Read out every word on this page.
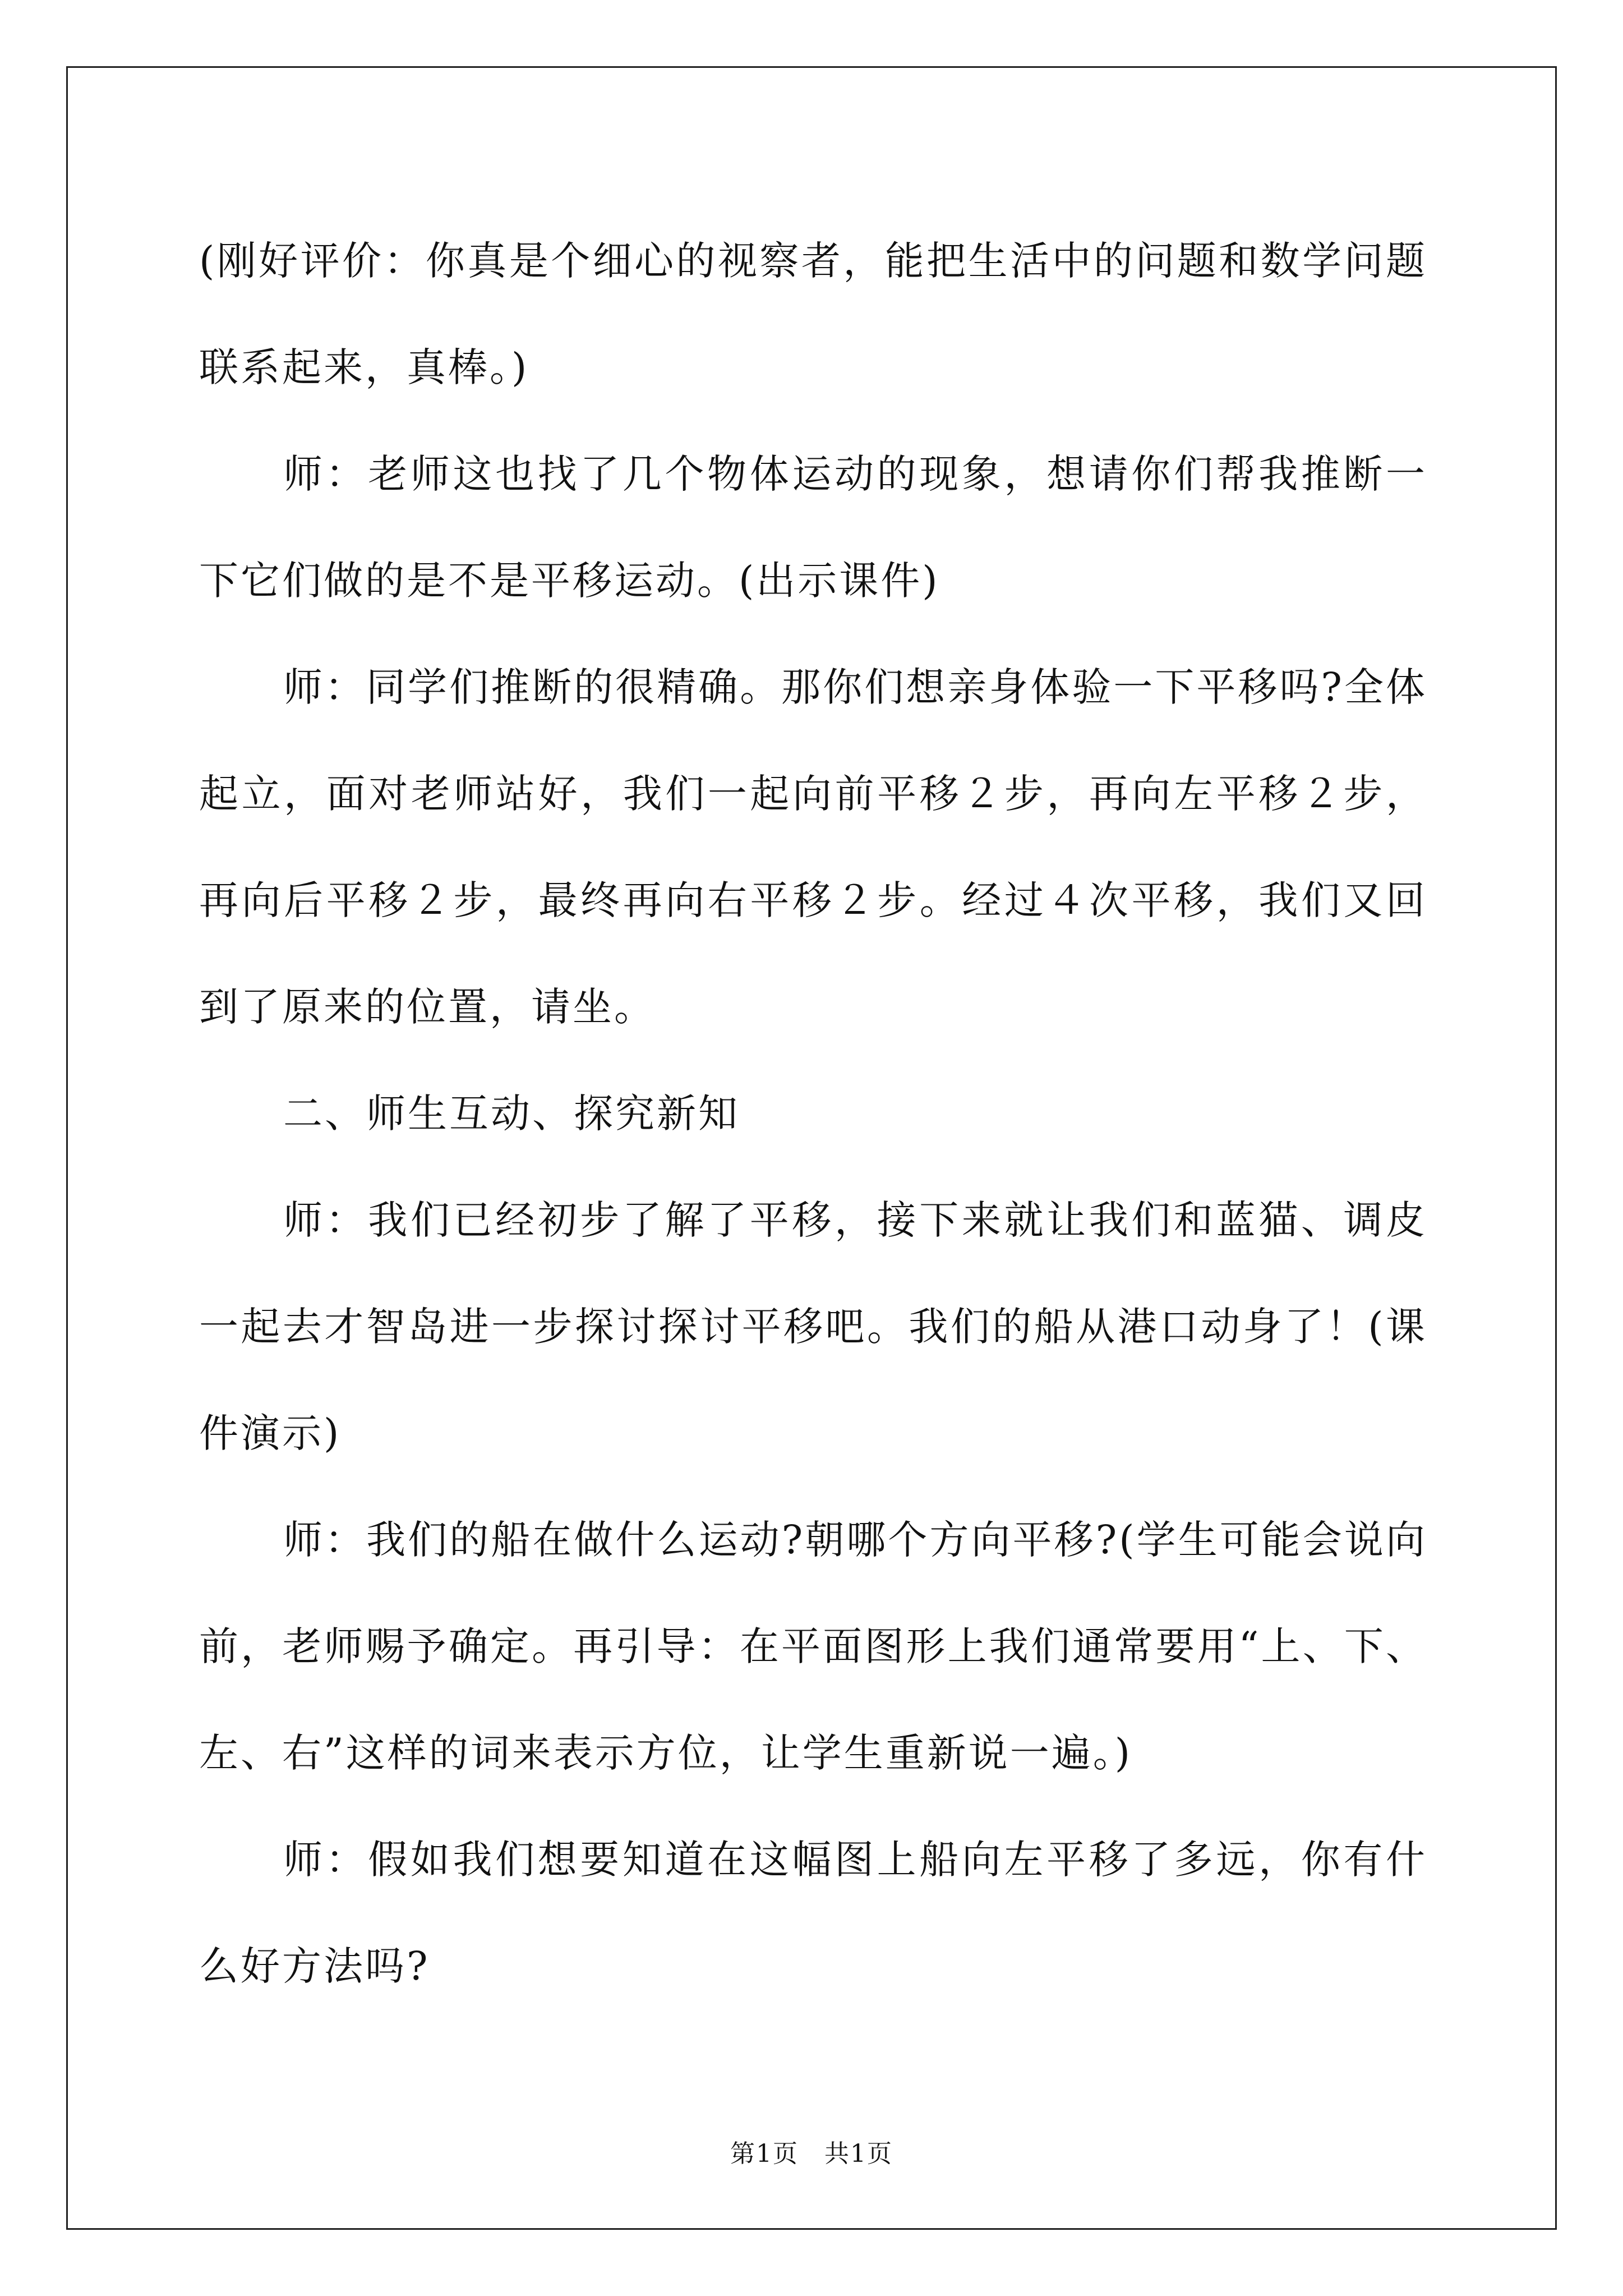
(刚好评价：你真是个细心的视察者，能把生活中的问题和数学问题联系起来，真棒。)

师：老师这也找了几个物体运动的现象，想请你们帮我推断一下它们做的是不是平移运动。(出示课件)

师：同学们推断的很精确。那你们想亲身体验一下平移吗?全体起立，面对老师站好，我们一起向前平移２步，再向左平移２步，再向后平移２步，最终再向右平移２步。经过４次平移，我们又回到了原来的位置，请坐。

二、师生互动、探究新知

师：我们已经初步了解了平移，接下来就让我们和蓝猫、调皮一起去才智岛进一步探讨探讨平移吧。我们的船从港口动身了！(课件演示)

师：我们的船在做什么运动?朝哪个方向平移?(学生可能会说向前，老师赐予确定。再引导：在平面图形上我们通常要用“上、下、左、右”这样的词来表示方位，让学生重新说一遍。)

师：假如我们想要知道在这幅图上船向左平移了多远，你有什么好方法吗?

第1页　共1页
